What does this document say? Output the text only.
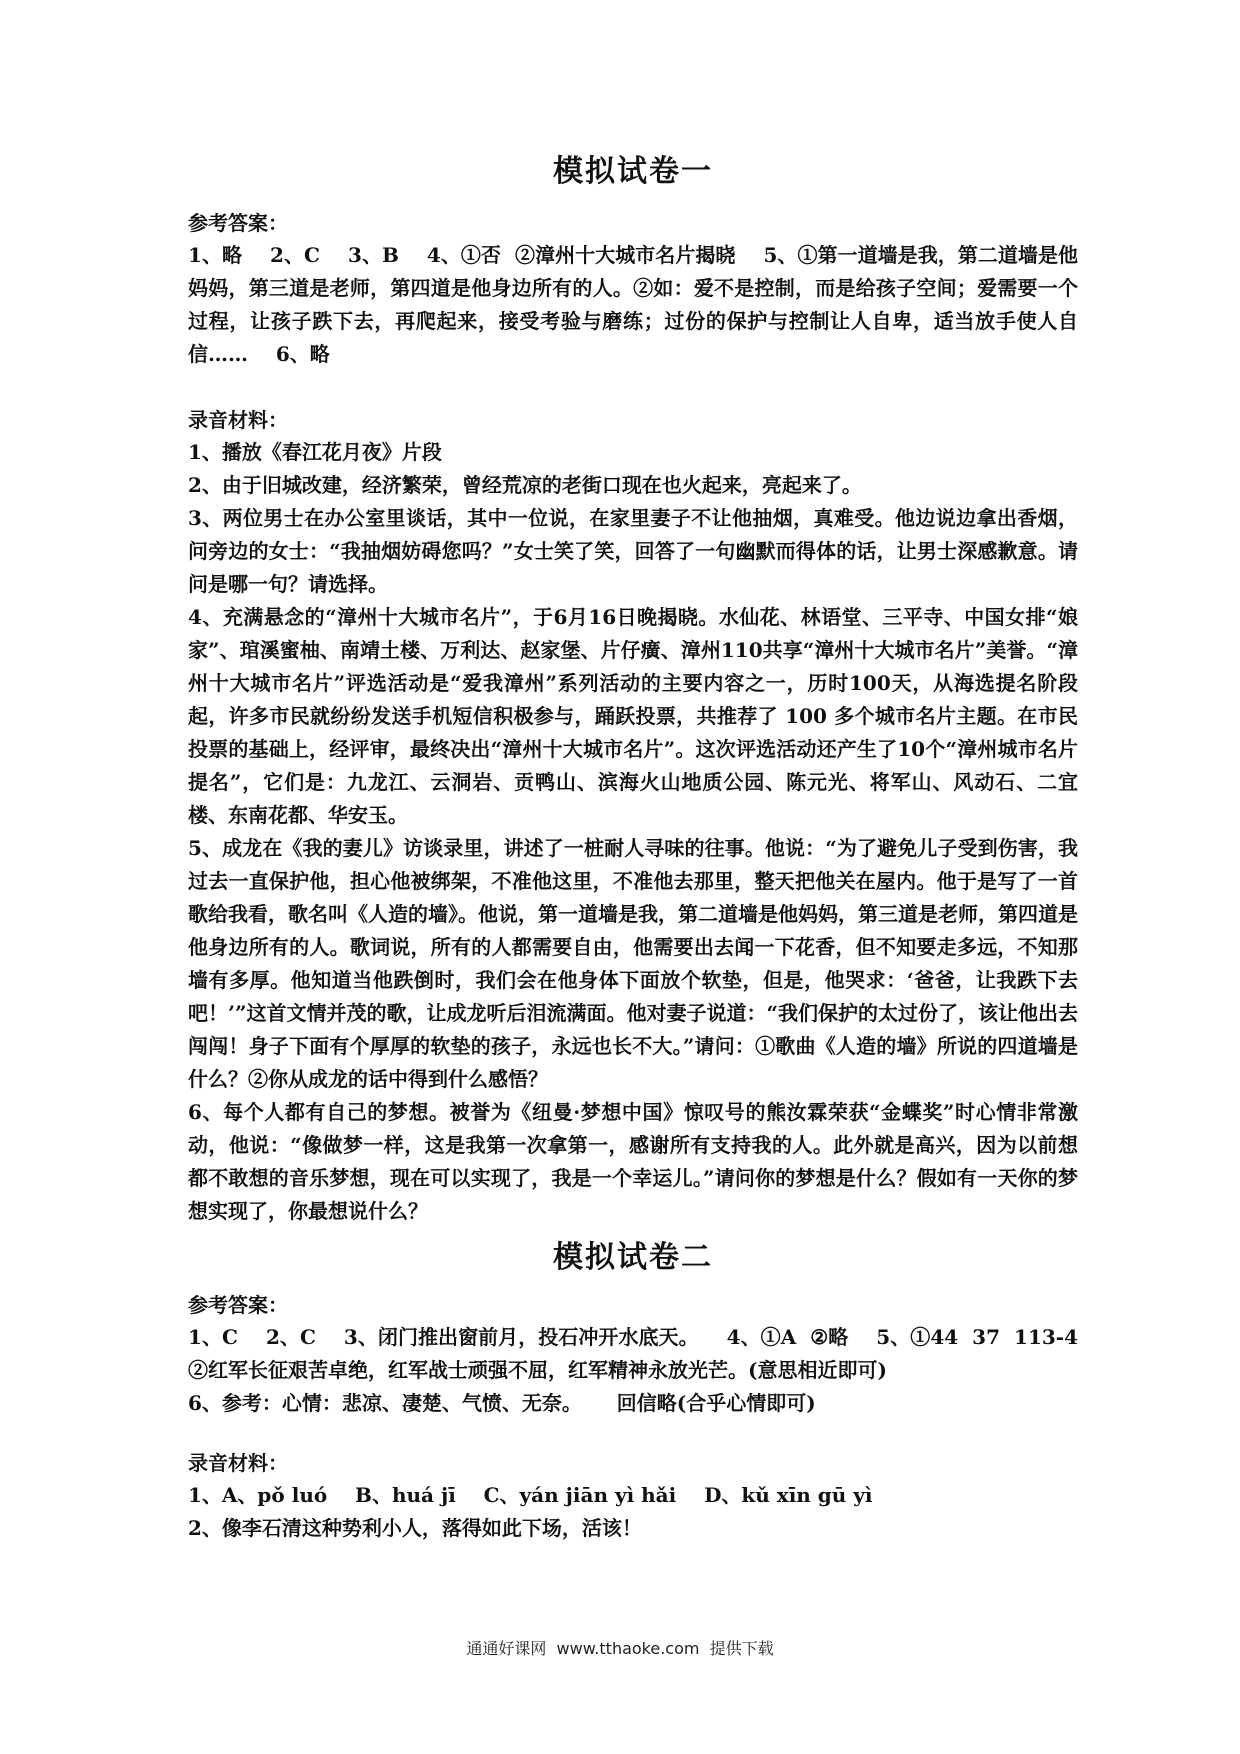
模拟试卷一

参考答案：

1、略    2、C    3、B    4、①否  ②漳州十大城市名片揭晓    5、①第一道墙是我，第二道墙是他妈妈，第三道是老师，第四道是他身边所有的人。②如：爱不是控制，而是给孩子空间；爱需要一个过程，让孩子跌下去，再爬起来，接受考验与磨练；过份的保护与控制让人自卑，适当放手使人自信……    6、略

录音材料：

1、播放《春江花月夜》片段

2、由于旧城改建，经济繁荣，曾经荒凉的老街口现在也火起来，亮起来了。

3、两位男士在办公室里谈话，其中一位说，在家里妻子不让他抽烟，真难受。他边说边拿出香烟，问旁边的女士：“我抽烟妨碍您吗？”女士笑了笑，回答了一句幽默而得体的话，让男士深感歉意。请问是哪一句？请选择。

4、充满悬念的“漳州十大城市名片”，于6月16日晚揭晓。水仙花、林语堂、三平寺、中国女排“娘家”、琯溪蜜柚、南靖土楼、万利达、赵家堡、片仔癀、漳州110共享“漳州十大城市名片”美誉。“漳州十大城市名片”评选活动是“爱我漳州”系列活动的主要内容之一，历时100天，从海选提名阶段起，许多市民就纷纷发送手机短信积极参与，踊跃投票，共推荐了 100 多个城市名片主题。在市民投票的基础上，经评审，最终决出“漳州十大城市名片”。这次评选活动还产生了10个“漳州城市名片提名”，它们是：九龙江、云洞岩、贡鸭山、滨海火山地质公园、陈元光、将军山、风动石、二宜楼、东南花都、华安玉。

5、成龙在《我的妻儿》访谈录里，讲述了一桩耐人寻味的往事。他说：“为了避免儿子受到伤害，我过去一直保护他，担心他被绑架，不准他这里，不准他去那里，整天把他关在屋内。他于是写了一首歌给我看，歌名叫《人造的墙》。他说，第一道墙是我，第二道墙是他妈妈，第三道是老师，第四道是他身边所有的人。歌词说，所有的人都需要自由，他需要出去闻一下花香，但不知要走多远，不知那墙有多厚。他知道当他跌倒时，我们会在他身体下面放个软垫，但是，他哭求：‘爸爸，让我跌下去吧！’”这首文情并茂的歌，让成龙听后泪流满面。他对妻子说道：“我们保护的太过份了，该让他出去闯闯！身子下面有个厚厚的软垫的孩子，永远也长不大。”请问：①歌曲《人造的墙》所说的四道墙是什么？②你从成龙的话中得到什么感悟？

6、每个人都有自己的梦想。被誉为《纽曼·梦想中国》惊叹号的熊汝霖荣获“金蝶奖”时心情非常激动，他说：“像做梦一样，这是我第一次拿第一，感谢所有支持我的人。此外就是高兴，因为以前想都不敢想的音乐梦想，现在可以实现了，我是一个幸运儿。”请问你的梦想是什么？假如有一天你的梦想实现了，你最想说什么？

模拟试卷二

参考答案：

1、C    2、C    3、闭门推出窗前月，投石冲开水底天。    4、①A  ②略    5、①44  37  113-4 ②红军长征艰苦卓绝，红军战士顽强不屈，红军精神永放光芒。(意思相近即可)

6、参考：心情：悲凉、凄楚、气愤、无奈。     回信略(合乎心情即可)

录音材料：

1、A、pǒ luó    B、huá jī    C、yán jiān yì hǎi    D、kǔ xīn gū yì

2、像李石清这种势利小人，落得如此下场，活该！

通通好课网  www.tthaoke.com  提供下载
